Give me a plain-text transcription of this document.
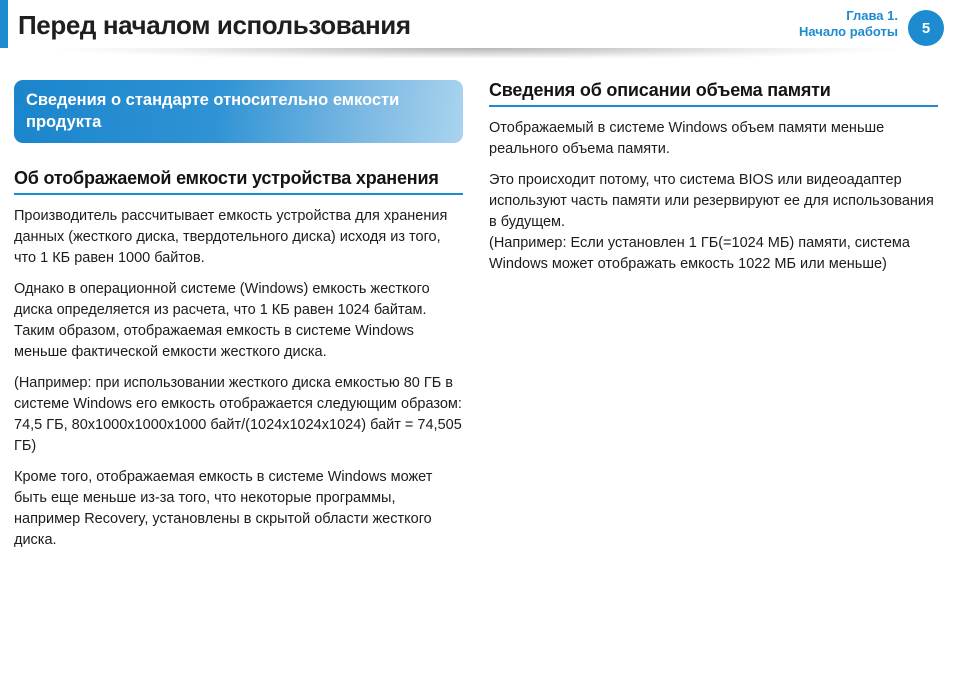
Перед началом использования	Глава 1.
Начало работы	5
Сведения о стандарте относительно емкости продукта
Об отображаемой емкости устройства хранения

Производитель рассчитывает емкость устройства для хранения данных (жесткого диска, твердотельного диска) исходя из того, что 1 КБ равен 1000 байтов.

Однако в операционной системе (Windows) емкость жесткого диска определяется из расчета, что 1 КБ равен 1024 байтам. Таким образом, отображаемая емкость в системе Windows меньше фактической емкости жесткого диска.

(Например: при использовании жесткого диска емкостью 80 ГБ в системе Windows его емкость отображается следующим образом: 74,5 ГБ, 80x1000x1000x1000 байт/(1024x1024x1024) байт = 74,505 ГБ)

Кроме того, отображаемая емкость в системе Windows может быть еще меньше из-за того, что некоторые программы, например Recovery, установлены в скрытой области жесткого диска.

Сведения об описании объема памяти

Отображаемый в системе Windows объем памяти меньше реального объема памяти.

Это происходит потому, что система BIOS или видеоадаптер используют часть памяти или резервируют ее для использования в будущем.
(Например: Если установлен 1 ГБ(=1024 МБ) памяти, система Windows может отображать емкость 1022 МБ или меньше)
